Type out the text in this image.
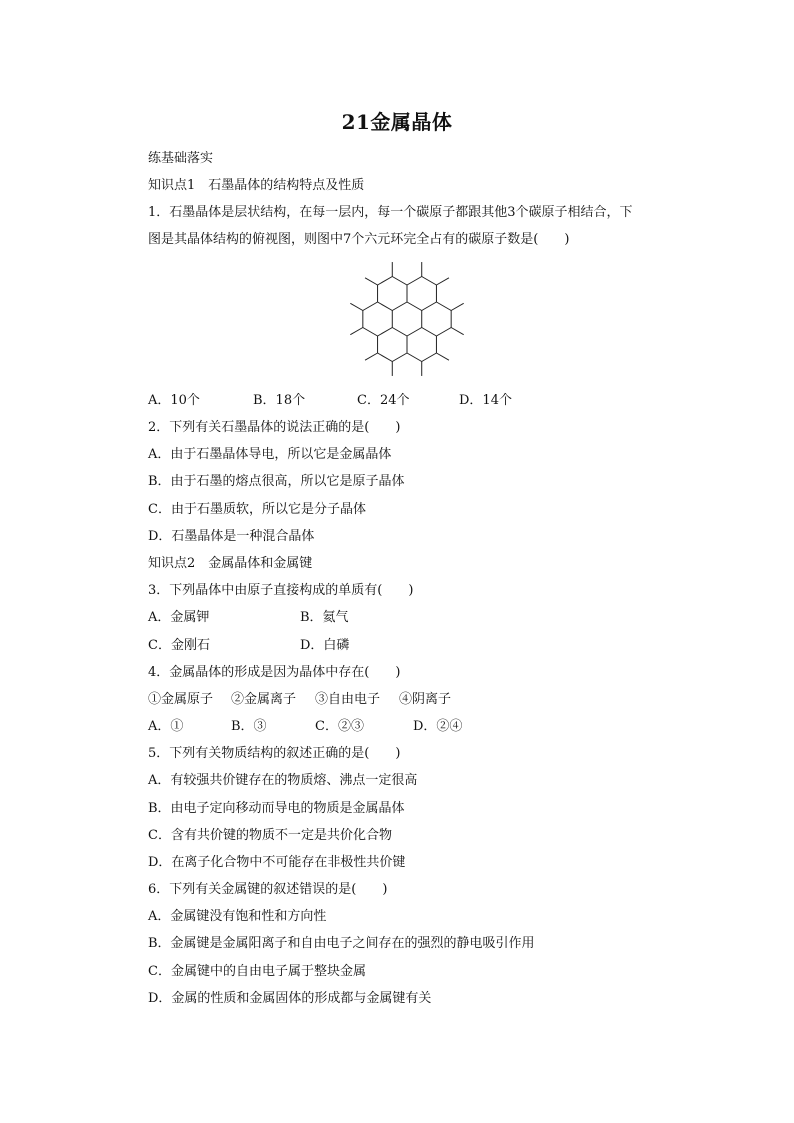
21金属晶体
练基础落实
知识点1　石墨晶体的结构特点及性质
1．石墨晶体是层状结构，在每一层内，每一个碳原子都跟其他3个碳原子相结合，下
图是其晶体结构的俯视图，则图中7个六元环完全占有的碳原子数是(　　)
A．10个	B．18个	C．24个	D．14个
2．下列有关石墨晶体的说法正确的是(　　)
A．由于石墨晶体导电，所以它是金属晶体
B．由于石墨的熔点很高，所以它是原子晶体
C．由于石墨质软，所以它是分子晶体
D．石墨晶体是一种混合晶体
知识点2　金属晶体和金属键
3．下列晶体中由原子直接构成的单质有(　　)
A．金属钾	B．氦气
C．金刚石	D．白磷
4．金属晶体的形成是因为晶体中存在(　　)
①金属原子 ②金属离子 ③自由电子 ④阴离子
A．①	B．③	C．②③	D．②④
5．下列有关物质结构的叙述正确的是(　　)
A．有较强共价键存在的物质熔、沸点一定很高
B．由电子定向移动而导电的物质是金属晶体
C．含有共价键的物质不一定是共价化合物
D．在离子化合物中不可能存在非极性共价键
6．下列有关金属键的叙述错误的是(　　)
A．金属键没有饱和性和方向性
B．金属键是金属阳离子和自由电子之间存在的强烈的静电吸引作用
C．金属键中的自由电子属于整块金属
D．金属的性质和金属固体的形成都与金属键有关
